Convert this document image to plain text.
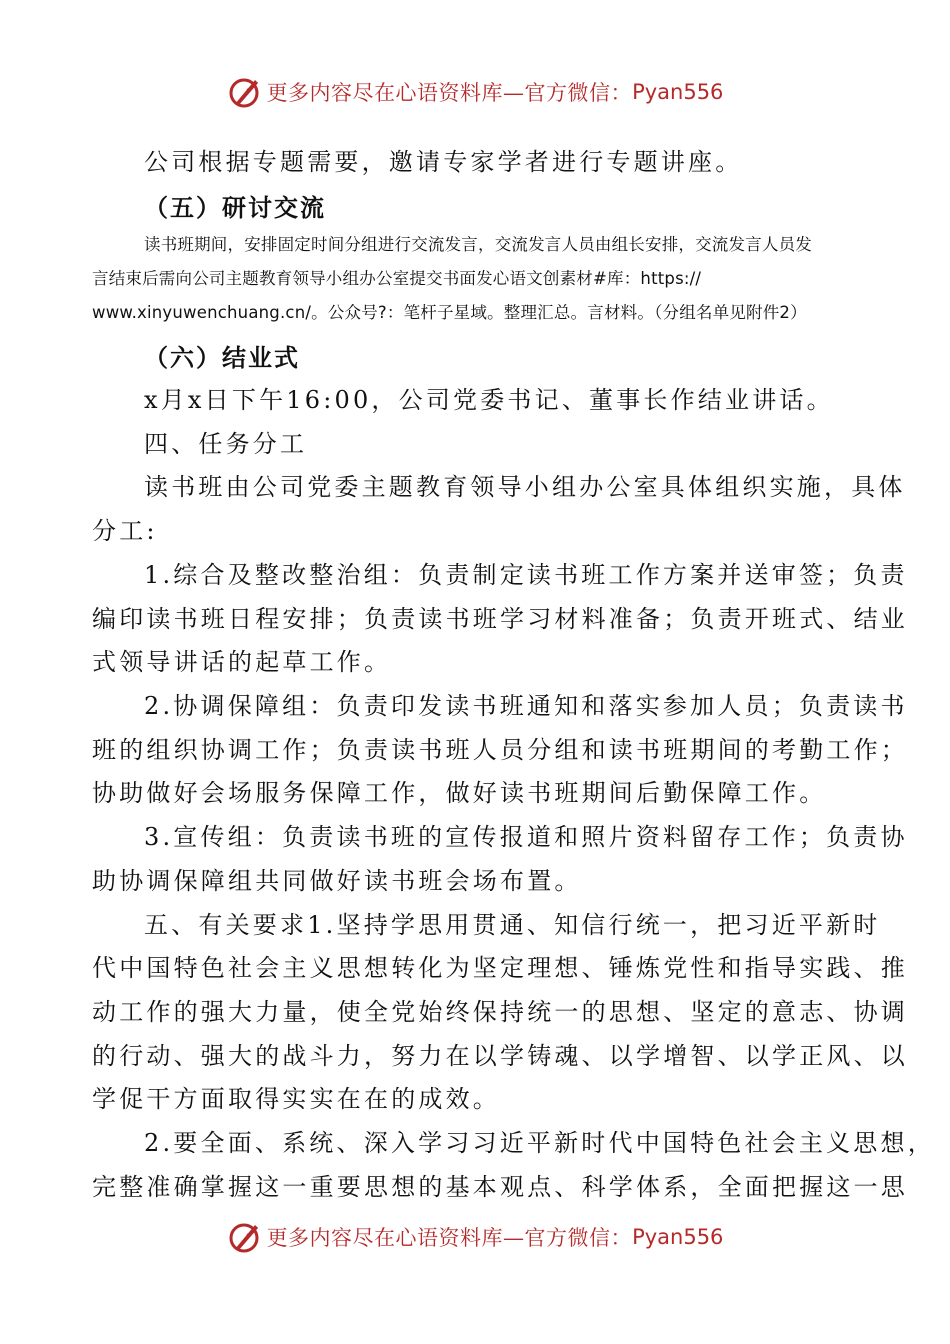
更多内容尽在心语资料库—官方微信： Pyan556
公司根据专题需要，邀请专家学者进行专题讲座。
（五）研讨交流
读书班期间，安排固定时间分组进行交流发言，交流发言人员由组长安排，交流发言人员发
言结束后需向公司主题教育领导小组办公室提交书面发心语文创素材#库：https://
www.xinyuwenchuang.cn/。公众号?：笔杆子星域。整理汇总。言材料。（分组名单见附件2）
（六）结业式
x月x日下午16:00，公司党委书记、董事长作结业讲话。
四、任务分工
读书班由公司党委主题教育领导小组办公室具体组织实施，具体
分工:
1.综合及整改整治组：负责制定读书班工作方案并送审签；负责
编印读书班日程安排；负责读书班学习材料准备；负责开班式、结业
式领导讲话的起草工作。
2.协调保障组：负责印发读书班通知和落实参加人员；负责读书
班的组织协调工作；负责读书班人员分组和读书班期间的考勤工作；
协助做好会场服务保障工作，做好读书班期间后勤保障工作。
3.宣传组：负责读书班的宣传报道和照片资料留存工作；负责协
助协调保障组共同做好读书班会场布置。
五、有关要求1.坚持学思用贯通、知信行统一，把习近平新时
代中国特色社会主义思想转化为坚定理想、锤炼党性和指导实践、推
动工作的强大力量，使全党始终保持统一的思想、坚定的意志、协调
的行动、强大的战斗力，努力在以学铸魂、以学增智、以学正风、以
学促干方面取得实实在在的成效。
2.要全面、系统、深入学习习近平新时代中国特色社会主义思想，
完整准确掌握这一重要思想的基本观点、科学体系，全面把握这一思
更多内容尽在心语资料库—官方微信： Pyan556
